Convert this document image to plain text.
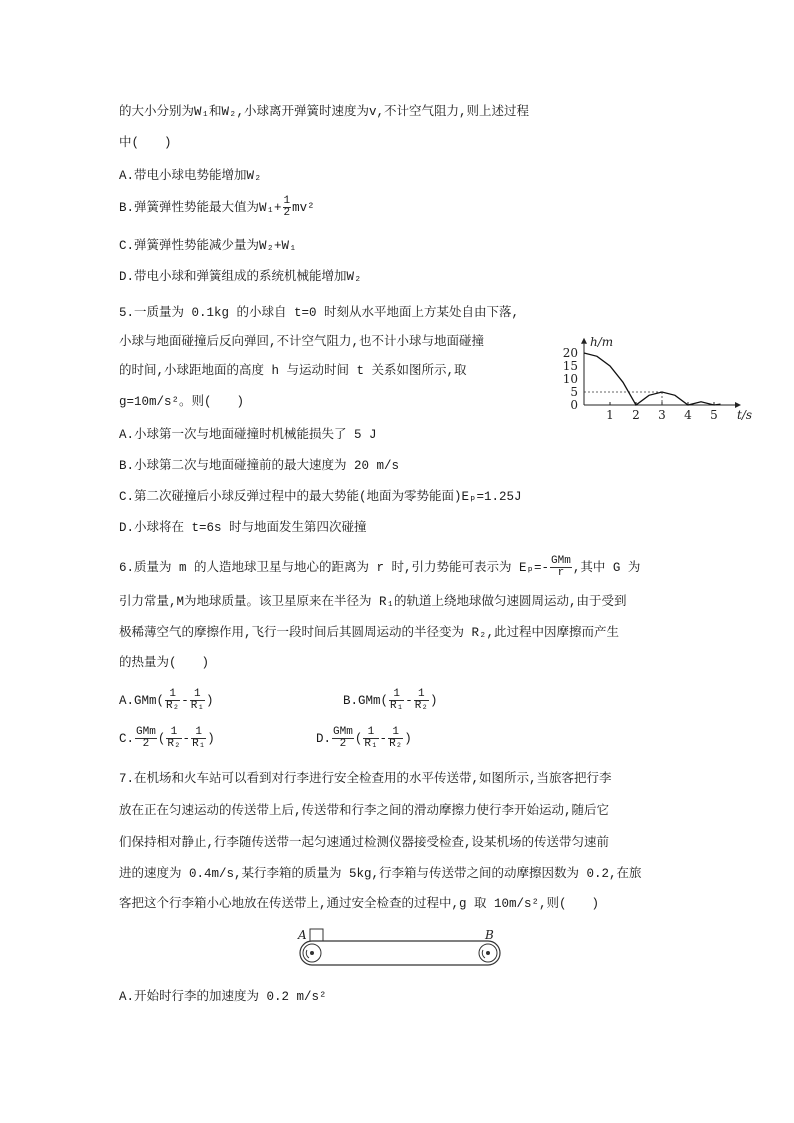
的大小分别为W₁和W₂,小球离开弹簧时速度为v,不计空气阻力,则上述过程
中(　　)
A.带电小球电势能增加W₂
B.弹簧弹性势能最大值为$W_1+ \frac{1}{2} mv^2$
C.弹簧弹性势能减少量为W₂+W₁
D.带电小球和弹簧组成的系统机械能增加W₂
5.一质量为 0.1kg 的小球自 t=0 时刻从水平地面上方某处自由下落,
小球与地面碰撞后反向弹回,不计空气阻力,也不计小球与地面碰撞
的时间,小球距地面的高度 h 与运动时间 t 关系如图所示,取
g=10m/s²。则(　　)
A.小球第一次与地面碰撞时机械能损失了 5 J
B.小球第二次与地面碰撞前的最大速度为 20 m/s
C.第二次碰撞后小球反弹过程中的最大势能(地面为零势能面)Eₚ=1.25J
D.小球将在 t=6s 时与地面发生第四次碰撞
h/m
t/s
0
5
10
15
20
1 2 3 4 5
6.质量为 m 的人造地球卫星与地心的距离为 r 时,引力势能可表示为 $E_p=- \frac{\text{GMm}}{r}$ ,其中 G 为
引力常量,M为地球质量。该卫星原来在半径为 R₁的轨道上绕地球做匀速圆周运动,由于受到
极稀薄空气的摩擦作用,飞行一段时间后其圆周运动的半径变为 R₂,此过程中因摩擦而产生
的热量为(　　)
$A.GMm( \frac{1}{\text{R₂}} - \frac{1}{\text{R₁}}$ )	$B.GMm( \frac{1}{\text{R₁}} - \frac{1}{\text{R₂}}$ )
C. $\frac{\text{GMm}}{2}$ ( $\frac{1}{\text{R₂}} - \frac{1}{\text{R₁}}$ )	D. $\frac{\text{GMm}}{2}$ ( $\frac{1}{\text{R₁}} - \frac{1}{\text{R₂}}$ )
7.在机场和火车站可以看到对行李进行安全检查用的水平传送带,如图所示,当旅客把行李
放在正在匀速运动的传送带上后,传送带和行李之间的滑动摩擦力使行李开始运动,随后它
们保持相对静止,行李随传送带一起匀速通过检测仪器接受检查,设某机场的传送带匀速前
进的速度为 0.4m/s,某行李箱的质量为 5kg,行李箱与传送带之间的动摩擦因数为 0.2,在旅
客把这个行李箱小心地放在传送带上,通过安全检查的过程中,g 取 10m/s²,则(　　)
A	B
A.开始时行李的加速度为 0.2 m/s²
